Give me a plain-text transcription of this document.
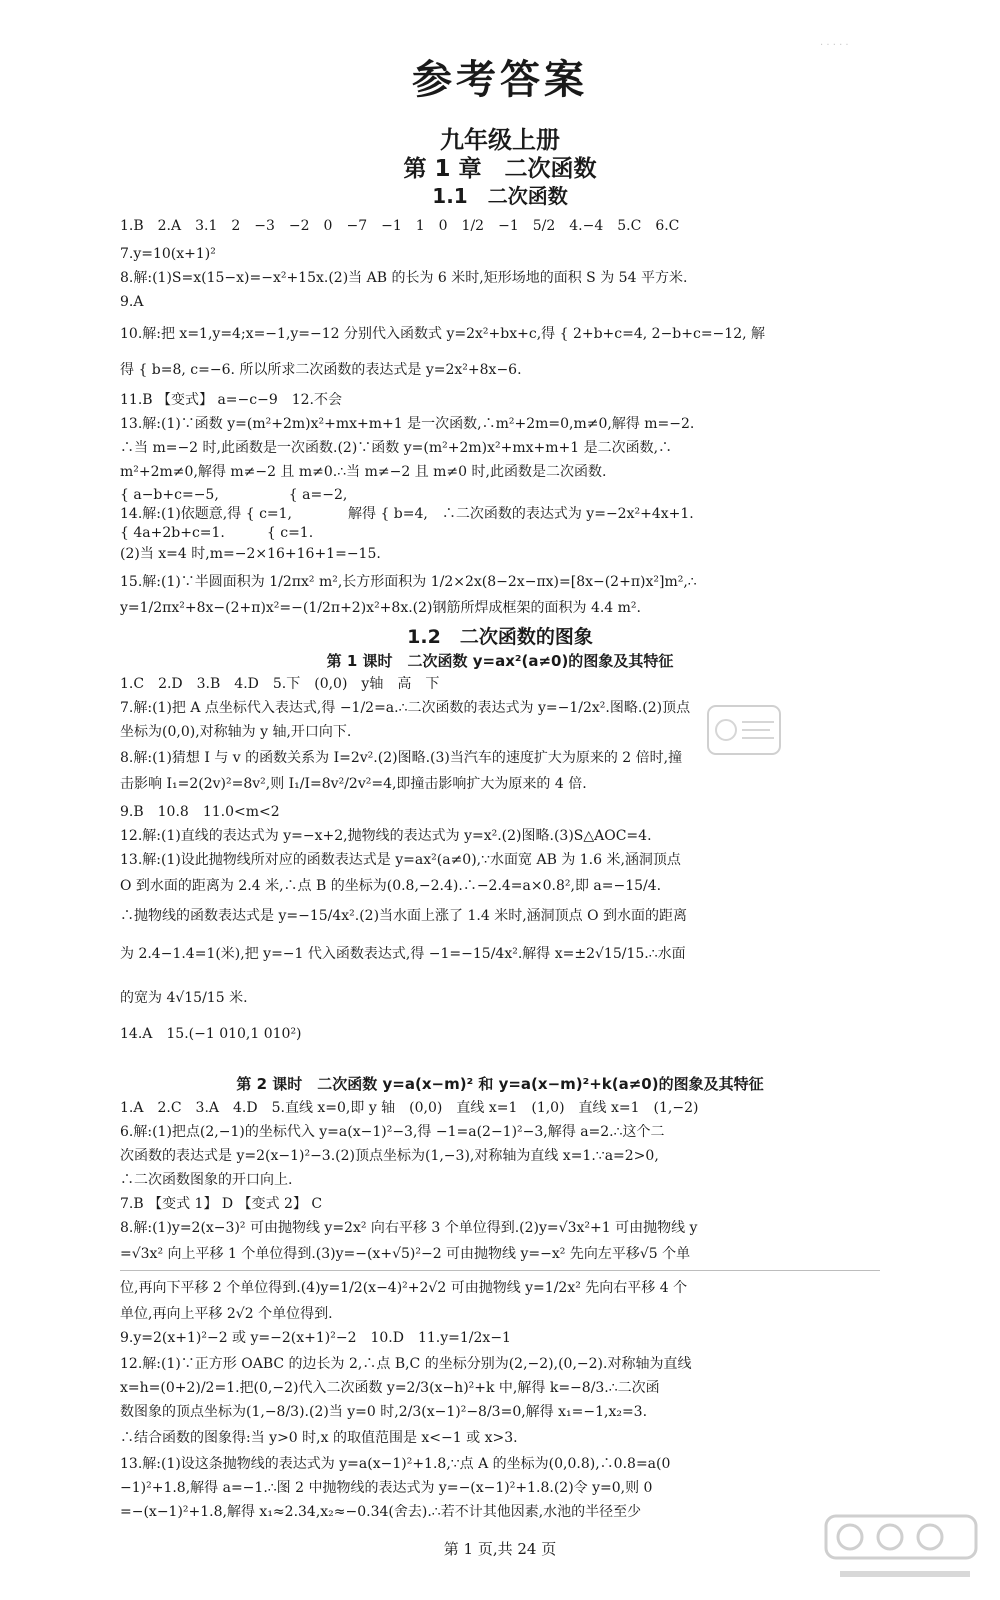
· · · · ·
参考答案
九年级上册
第 1 章　二次函数
1.1　二次函数
1.2　二次函数的图象
第 1 课时　二次函数 y=ax²(a≠0)的图象及其特征
第 2 课时　二次函数 y=a(x−m)² 和 y=a(x−m)²+k(a≠0)的图象及其特征
1.B　2.A　3.1　2　−3　−2　0　−7　−1　1　0　1/2　−1　5/2　4.−4　5.C　6.C
7.y=10(x+1)²
8.解:(1)S=x(15−x)=−x²+15x.(2)当 AB 的长为 6 米时,矩形场地的面积 S 为 54 平方米.
9.A
10.解:把 x=1,y=4;x=−1,y=−12 分别代入函数式 y=2x²+bx+c,得 { 2+b+c=4, 2−b+c=−12, 解
得 { b=8, c=−6. 所以所求二次函数的表达式是 y=2x²+8x−6.
11.B 【变式】 a=−c−9　12.不会
13.解:(1)∵函数 y=(m²+2m)x²+mx+m+1 是一次函数,∴m²+2m=0,m≠0,解得 m=−2.
∴当 m=−2 时,此函数是一次函数.(2)∵函数 y=(m²+2m)x²+mx+m+1 是二次函数,∴
m²+2m≠0,解得 m≠−2 且 m≠0.∴当 m≠−2 且 m≠0 时,此函数是二次函数.
{ a−b+c=−5,　　　　　{ a=−2,
14.解:(1)依题意,得 { c=1,　　　　解得 { b=4,　∴二次函数的表达式为 y=−2x²+4x+1.
{ 4a+2b+c=1.　　　{ c=1.
(2)当 x=4 时,m=−2×16+16+1=−15.
15.解:(1)∵半圆面积为 1/2πx² m²,长方形面积为 1/2×2x(8−2x−πx)=[8x−(2+π)x²]m²,∴
y=1/2πx²+8x−(2+π)x²=−(1/2π+2)x²+8x.(2)钢筋所焊成框架的面积为 4.4 m².
1.C　2.D　3.B　4.D　5.下　(0,0)　y轴　高　下
7.解:(1)把 A 点坐标代入表达式,得 −1/2=a.∴二次函数的表达式为 y=−1/2x².图略.(2)顶点
坐标为(0,0),对称轴为 y 轴,开口向下.
8.解:(1)猜想 I 与 v 的函数关系为 I=2v².(2)图略.(3)当汽车的速度扩大为原来的 2 倍时,撞
击影响 I₁=2(2v)²=8v²,则 I₁/I=8v²/2v²=4,即撞击影响扩大为原来的 4 倍.
9.B　10.8　11.0<m<2
12.解:(1)直线的表达式为 y=−x+2,抛物线的表达式为 y=x².(2)图略.(3)S△AOC=4.
13.解:(1)设此抛物线所对应的函数表达式是 y=ax²(a≠0),∵水面宽 AB 为 1.6 米,涵洞顶点
O 到水面的距离为 2.4 米,∴点 B 的坐标为(0.8,−2.4).∴−2.4=a×0.8²,即 a=−15/4.
∴抛物线的函数表达式是 y=−15/4x².(2)当水面上涨了 1.4 米时,涵洞顶点 O 到水面的距离
为 2.4−1.4=1(米),把 y=−1 代入函数表达式,得 −1=−15/4x².解得 x=±2√15/15.∴水面
的宽为 4√15/15 米.
14.A　15.(−1 010,1 010²)
1.A　2.C　3.A　4.D　5.直线 x=0,即 y 轴　(0,0)　直线 x=1　(1,0)　直线 x=1　(1,−2)
6.解:(1)把点(2,−1)的坐标代入 y=a(x−1)²−3,得 −1=a(2−1)²−3,解得 a=2.∴这个二
次函数的表达式是 y=2(x−1)²−3.(2)顶点坐标为(1,−3),对称轴为直线 x=1.∵a=2>0,
∴二次函数图象的开口向上.
7.B 【变式 1】 D 【变式 2】 C
8.解:(1)y=2(x−3)² 可由抛物线 y=2x² 向右平移 3 个单位得到.(2)y=√3x²+1 可由抛物线 y
=√3x² 向上平移 1 个单位得到.(3)y=−(x+√5)²−2 可由抛物线 y=−x² 先向左平移√5 个单
位,再向下平移 2 个单位得到.(4)y=1/2(x−4)²+2√2 可由抛物线 y=1/2x² 先向右平移 4 个
单位,再向上平移 2√2 个单位得到.
9.y=2(x+1)²−2 或 y=−2(x+1)²−2　10.D　11.y=1/2x−1
12.解:(1)∵正方形 OABC 的边长为 2,∴点 B,C 的坐标分别为(2,−2),(0,−2).对称轴为直线
x=h=(0+2)/2=1.把(0,−2)代入二次函数 y=2/3(x−h)²+k 中,解得 k=−8/3.∴二次函
数图象的顶点坐标为(1,−8/3).(2)当 y=0 时,2/3(x−1)²−8/3=0,解得 x₁=−1,x₂=3.
∴结合函数的图象得:当 y>0 时,x 的取值范围是 x<−1 或 x>3.
13.解:(1)设这条抛物线的表达式为 y=a(x−1)²+1.8,∵点 A 的坐标为(0,0.8),∴0.8=a(0
−1)²+1.8,解得 a=−1.∴图 2 中抛物线的表达式为 y=−(x−1)²+1.8.(2)令 y=0,则 0
=−(x−1)²+1.8,解得 x₁≈2.34,x₂≈−0.34(舍去).∴若不计其他因素,水池的半径至少
第 1 页,共 24 页
